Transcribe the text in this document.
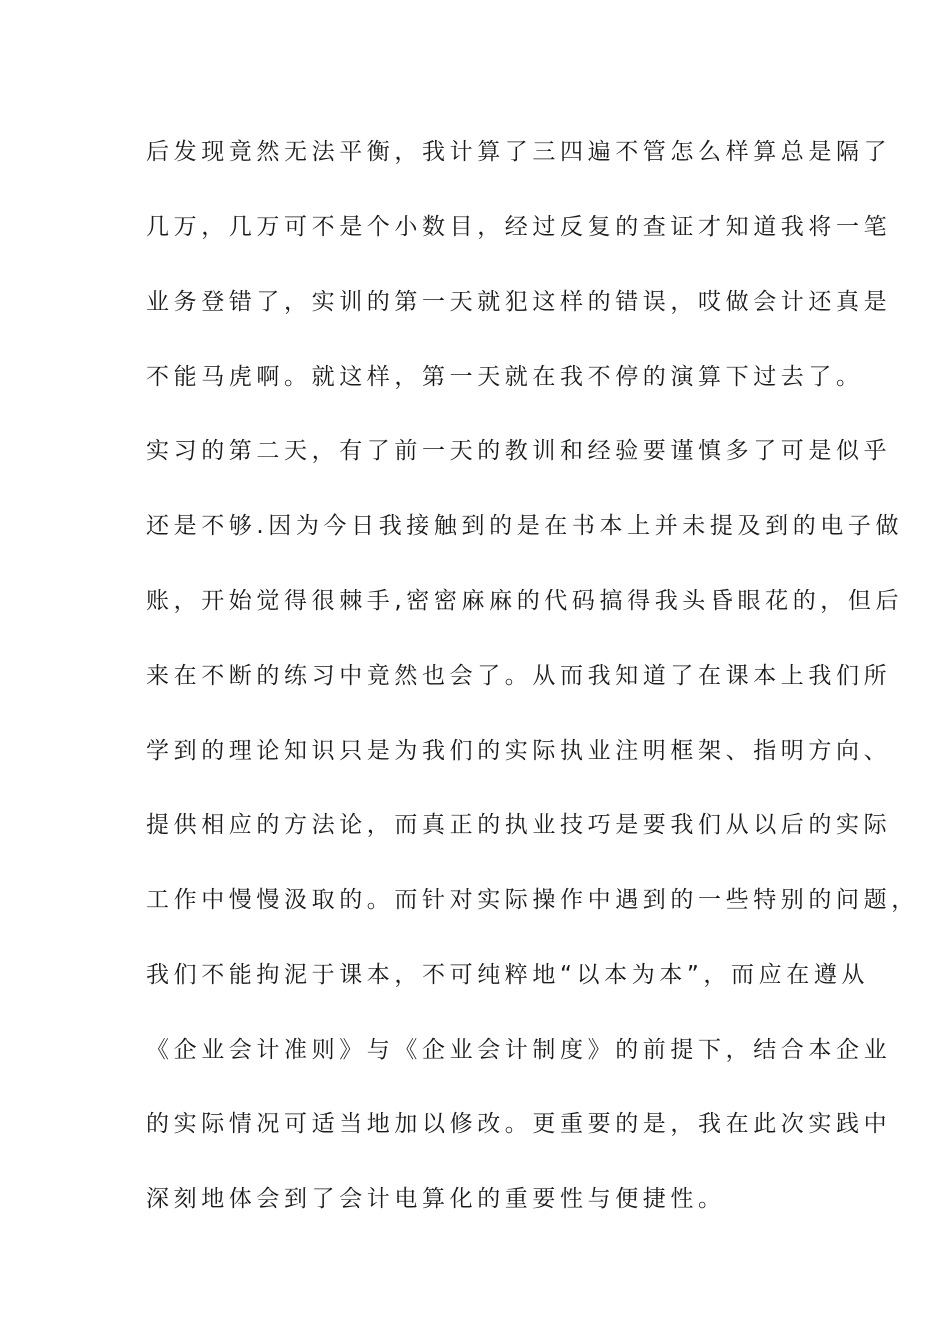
后发现竟然无法平衡，我计算了三四遍不管怎么样算总是隔了
几万，几万可不是个小数目，经过反复的查证才知道我将一笔
业务登错了，实训的第一天就犯这样的错误，哎做会计还真是
不能马虎啊。就这样，第一天就在我不停的演算下过去了。
实习的第二天，有了前一天的教训和经验要谨慎多了可是似乎
还是不够.因为今日我接触到的是在书本上并未提及到的电子做
账，开始觉得很棘手,密密麻麻的代码搞得我头昏眼花的，但后
来在不断的练习中竟然也会了。从而我知道了在课本上我们所
学到的理论知识只是为我们的实际执业注明框架、指明方向、
提供相应的方法论，而真正的执业技巧是要我们从以后的实际
工作中慢慢汲取的。而针对实际操作中遇到的一些特别的问题，
我们不能拘泥于课本，不可纯粹地“以本为本”，而应在遵从
《企业会计准则》与《企业会计制度》的前提下，结合本企业
的实际情况可适当地加以修改。更重要的是，我在此次实践中
深刻地体会到了会计电算化的重要性与便捷性。
